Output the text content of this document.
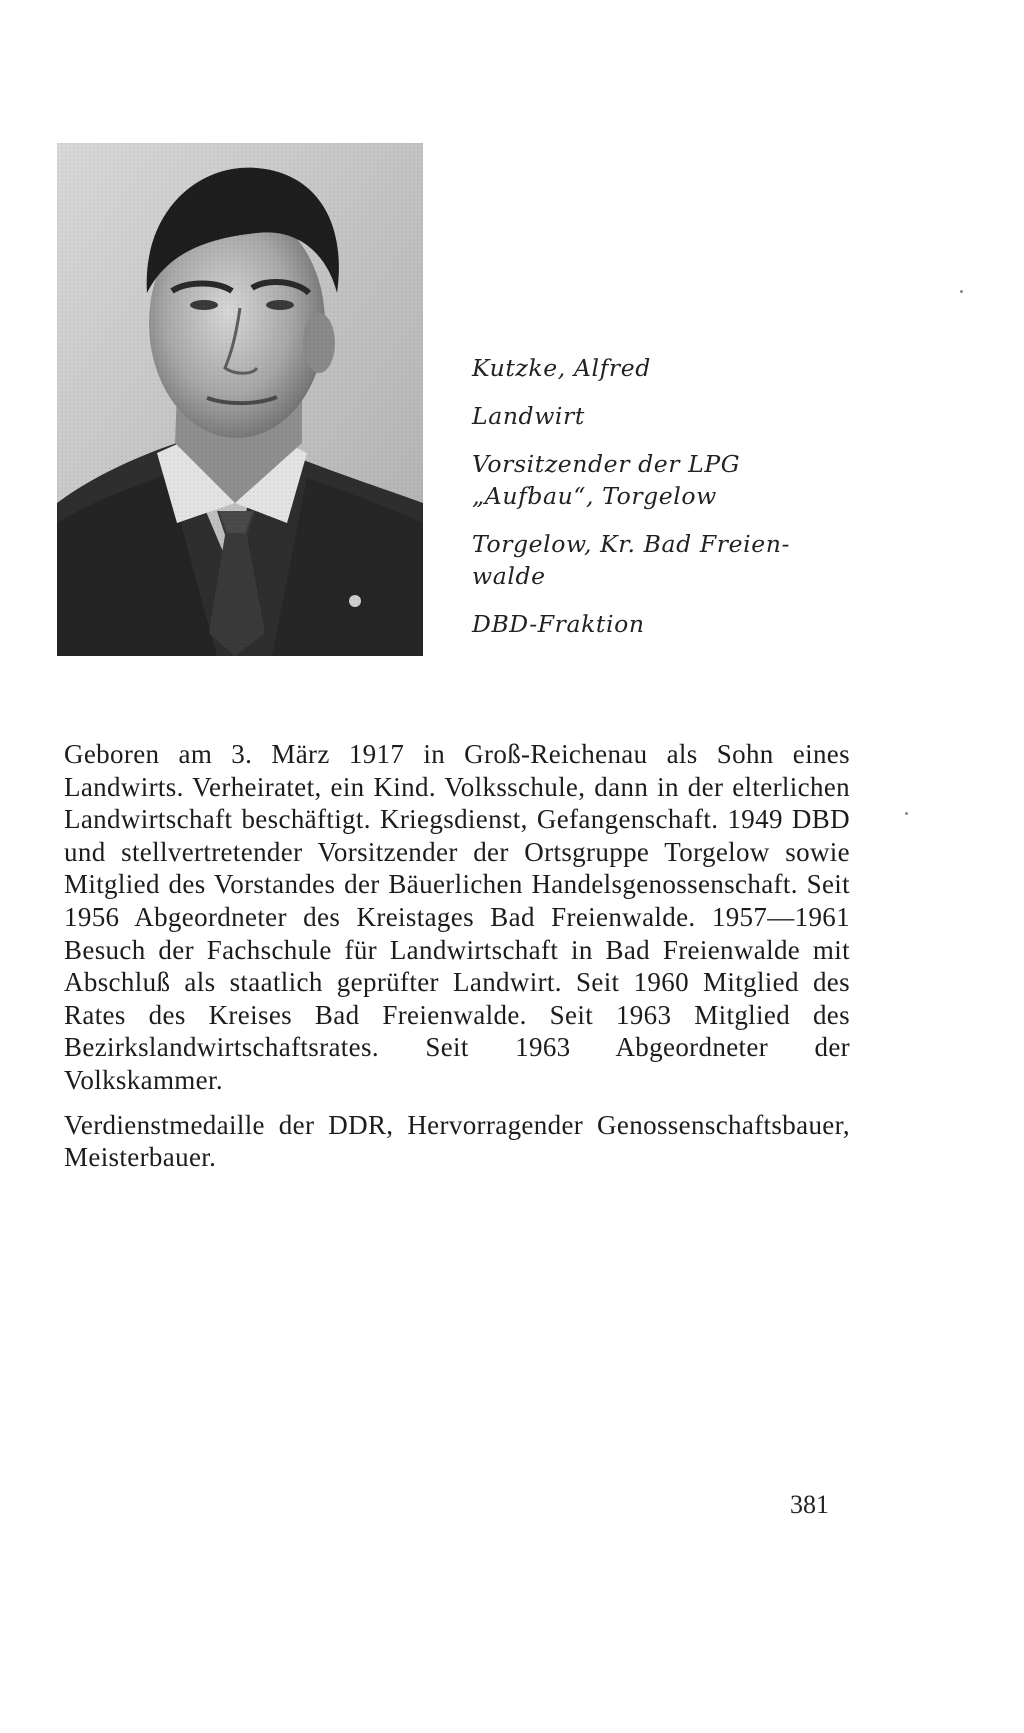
Kutzke, Alfred
Landwirt
Vorsitzender der LPG
„Aufbau“, Torgelow
Torgelow, Kr. Bad Freien-
walde
DBD-Fraktion

Geboren am 3. März 1917 in Groß-Reichenau als Sohn eines Landwirts. Verheiratet, ein Kind. Volksschule, dann in der elterlichen Landwirtschaft beschäftigt. Kriegsdienst, Gefangenschaft. 1949 DBD und stellvertretender Vorsitzender der Ortsgruppe Torgelow sowie Mitglied des Vorstandes der Bäuerlichen Handelsgenossenschaft. Seit 1956 Abgeordneter des Kreistages Bad Freienwalde. 1957—1961 Besuch der Fachschule für Landwirtschaft in Bad Freienwalde mit Abschluß als staatlich geprüfter Landwirt. Seit 1960 Mitglied des Rates des Kreises Bad Freienwalde. Seit 1963 Mitglied des Bezirkslandwirtschaftsrates. Seit 1963 Abgeordneter der Volkskammer.

Verdienstmedaille der DDR, Hervorragender Genossenschaftsbauer, Meisterbauer.

381
